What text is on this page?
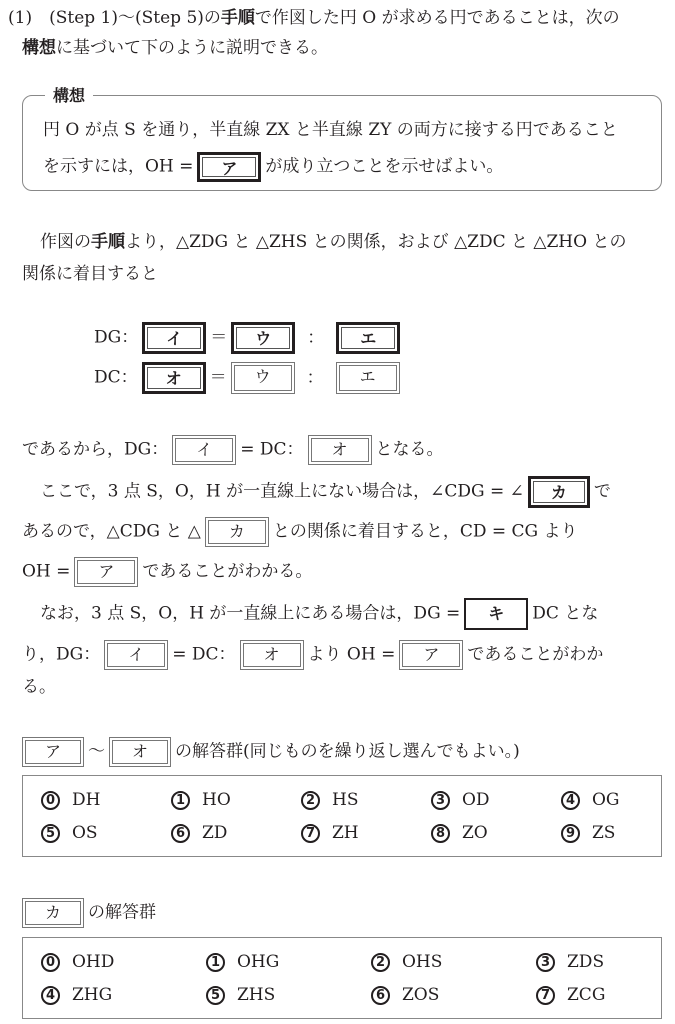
(1)　(Step 1)～(Step 5)の手順で作図した円 O が求める円であることは，次の
構想に基づいて下のように説明できる。
構想
円 O が点 S を通り，半直線 ZX と半直線 ZY の両方に接する円であること
を示すには，OH =	ア	が成り立つことを示せばよい。
作図の手順より，△ZDG と △ZHS との関係，および △ZDC と △ZHO との
関係に着目すると
DG：	イ	＝	ウ	：	エ
DC：	オ	＝	ウ	：	エ
であるから，DG：	イ	= DC：	オ	となる。
ここで，3 点 S，O，H が一直線上にない場合は，∠CDG = ∠	カ	で
あるので，△CDG と △	カ	との関係に着目すると，CD = CG より
OH =	ア	であることがわかる。
なお，3 点 S，O，H が一直線上にある場合は，DG =	キ	DC とな
り，DG：	イ	= DC：	オ	より OH =	ア	であることがわか
る。
ア	～	オ	の解答群(同じものを繰り返し選んでもよい。)
0 DH	1 HO	2 HS	3 OD	4 OG
5 OS	6 ZD	7 ZH	8 ZO	9 ZS
カ	の解答群
0 OHD	1 OHG	2 OHS	3 ZDS
4 ZHG	5 ZHS	6 ZOS	7 ZCG
